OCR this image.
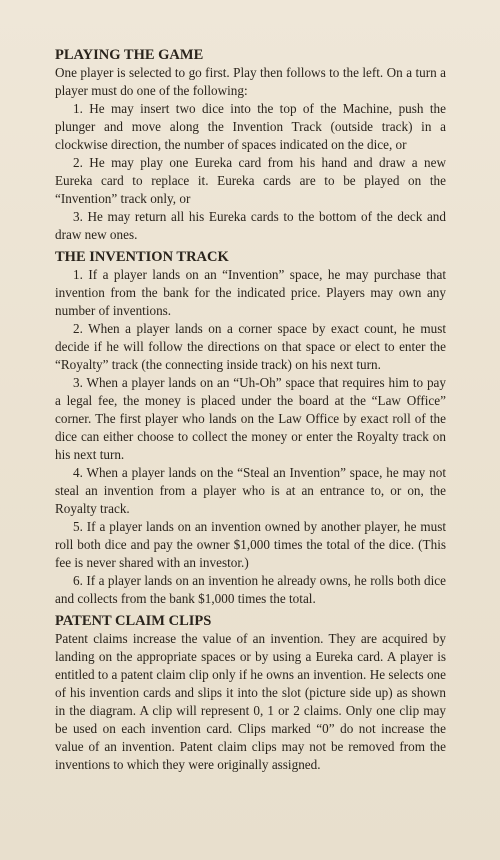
PLAYING THE GAME

One player is selected to go first. Play then follows to the left. On a turn a player must do one of the following:

1. He may insert two dice into the top of the Machine, push the plunger and move along the Invention Track (outside track) in a clockwise direction, the number of spaces indicated on the dice, or

2. He may play one Eureka card from his hand and draw a new Eureka card to replace it. Eureka cards are to be played on the “Invention” track only, or

3. He may return all his Eureka cards to the bottom of the deck and draw new ones.

THE INVENTION TRACK

1. If a player lands on an “Invention” space, he may purchase that invention from the bank for the indicated price. Players may own any number of inventions.

2. When a player lands on a corner space by exact count, he must decide if he will follow the directions on that space or elect to enter the “Royalty” track (the connecting inside track) on his next turn.

3. When a player lands on an “Uh-Oh” space that requires him to pay a legal fee, the money is placed under the board at the “Law Office” corner. The first player who lands on the Law Office by exact roll of the dice can either choose to collect the money or enter the Royalty track on his next turn.

4. When a player lands on the “Steal an Invention” space, he may not steal an invention from a player who is at an entrance to, or on, the Royalty track.

5. If a player lands on an invention owned by another player, he must roll both dice and pay the owner $1,000 times the total of the dice. (This fee is never shared with an investor.)

6. If a player lands on an invention he already owns, he rolls both dice and collects from the bank $1,000 times the total.

PATENT CLAIM CLIPS

Patent claims increase the value of an invention. They are acquired by landing on the appropriate spaces or by using a Eureka card. A player is entitled to a patent claim clip only if he owns an invention. He selects one of his invention cards and slips it into the slot (picture side up) as shown in the diagram. A clip will represent 0, 1 or 2 claims. Only one clip may be used on each invention card. Clips marked “0” do not increase the value of an invention. Patent claim clips may not be removed from the inventions to which they were originally assigned.
